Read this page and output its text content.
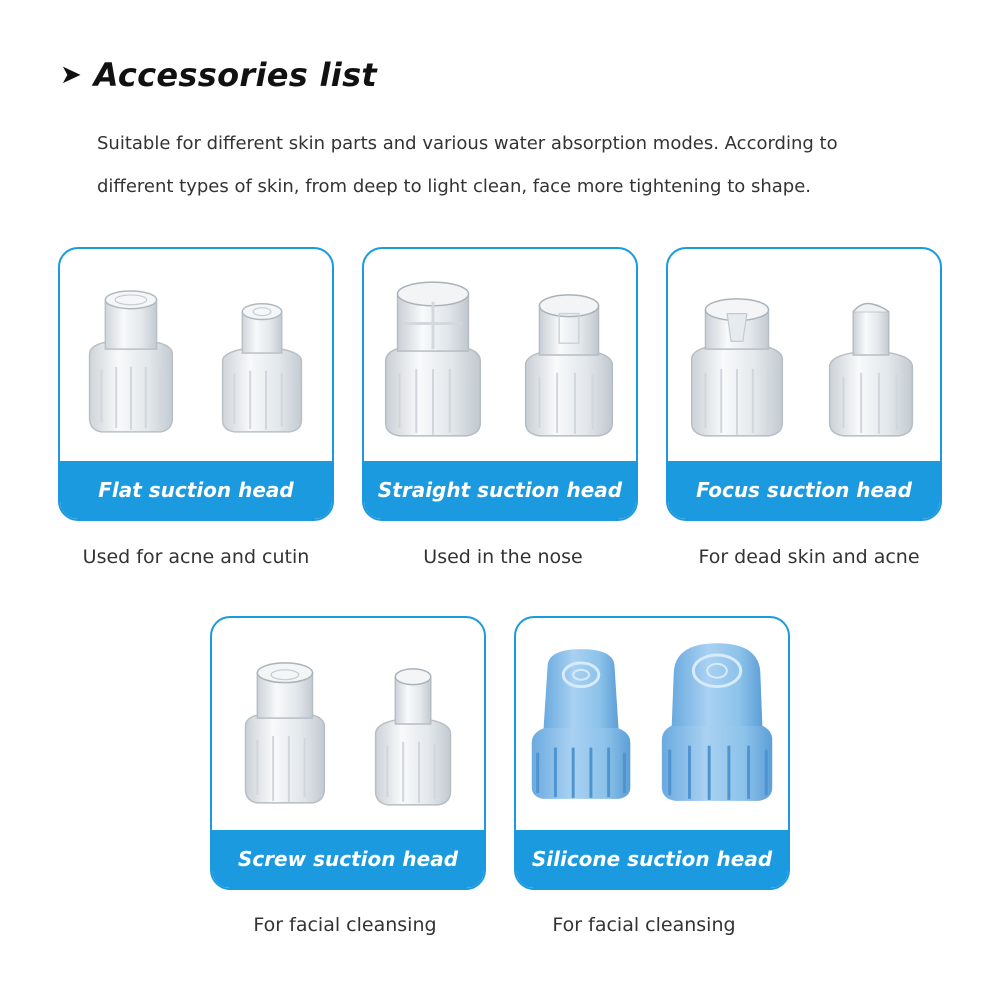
➤ Accessories list
Suitable for different skin parts and various water absorption modes. According to different types of skin, from deep to light clean, face more tightening to shape.
Flat suction head
Used for acne and cutin
Straight suction head
Used in the nose
Focus suction head
For dead skin and acne
Screw suction head
For facial cleansing
Silicone suction head
For facial cleansing
